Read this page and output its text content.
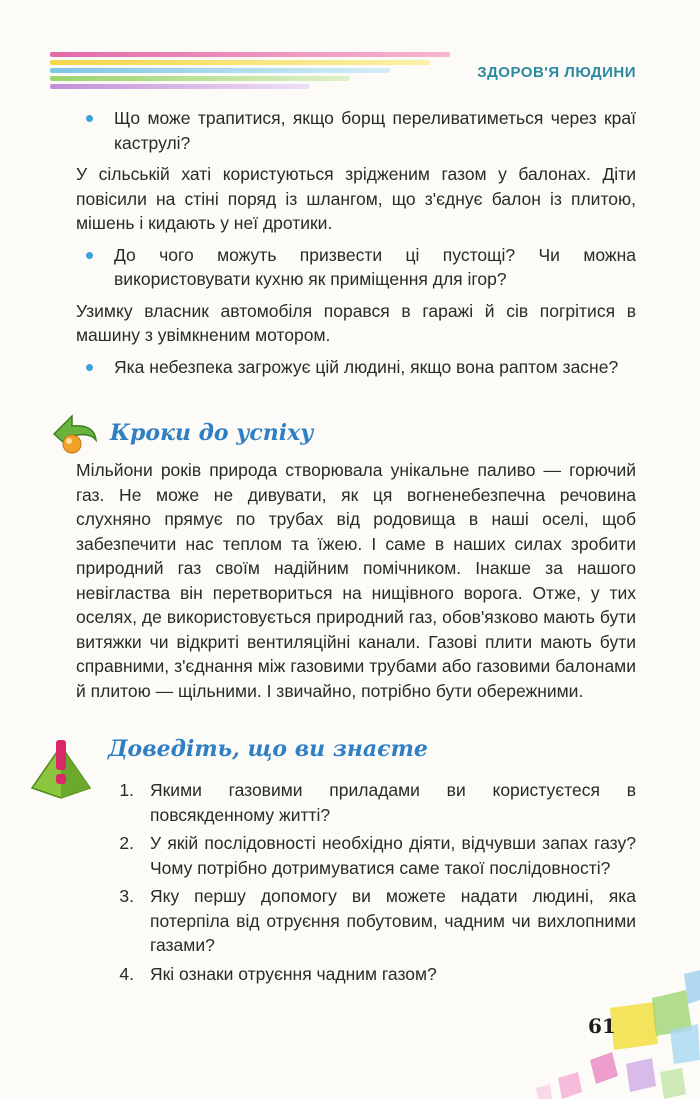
ЗДОРОВ'Я ЛЮДИНИ
Що може трапитися, якщо борщ переливатиметься через краї каструлі?

У сільській хаті користуються зрідженим газом у балонах. Діти повісили на стіні поряд із шлангом, що з'єднує балон із плитою, мішень і кидають у неї дротики.

До чого можуть призвести ці пустощі? Чи можна використовувати кухню як приміщення для ігор?

Узимку власник автомобіля порався в гаражі й сів погрітися в машину з увімкненим мотором.

Яка небезпека загрожує цій людині, якщо вона раптом засне?
Кроки до успіху

Мільйони років природа створювала унікальне паливо — горючий газ. Не може не дивувати, як ця вогненебезпечна речовина слухняно прямує по трубах від родовища в наші оселі, щоб забезпечити нас теплом та їжею. І саме в наших силах зробити природний газ своїм надійним помічником. Інакше за нашого невігластва він перетвориться на нищівного ворога. Отже, у тих оселях, де використовується природний газ, обов'язково мають бути витяжки чи відкриті вентиляційні канали. Газові плити мають бути справними, з'єднання між газовими трубами або газовими балонами й плитою — щільними. І звичайно, потрібно бути обережними.

Доведіть, що ви знаєте
1. Якими газовими приладами ви користуєтеся в повсякденному житті?
2. У якій послідовності необхідно діяти, відчувши запах газу? Чому потрібно дотримуватися саме такої послідовності?
3. Яку першу допомогу ви можете надати людині, яка потерпіла від отруєння побутовим, чадним чи вихлопними газами?
4. Які ознаки отруєння чадним газом?
61
